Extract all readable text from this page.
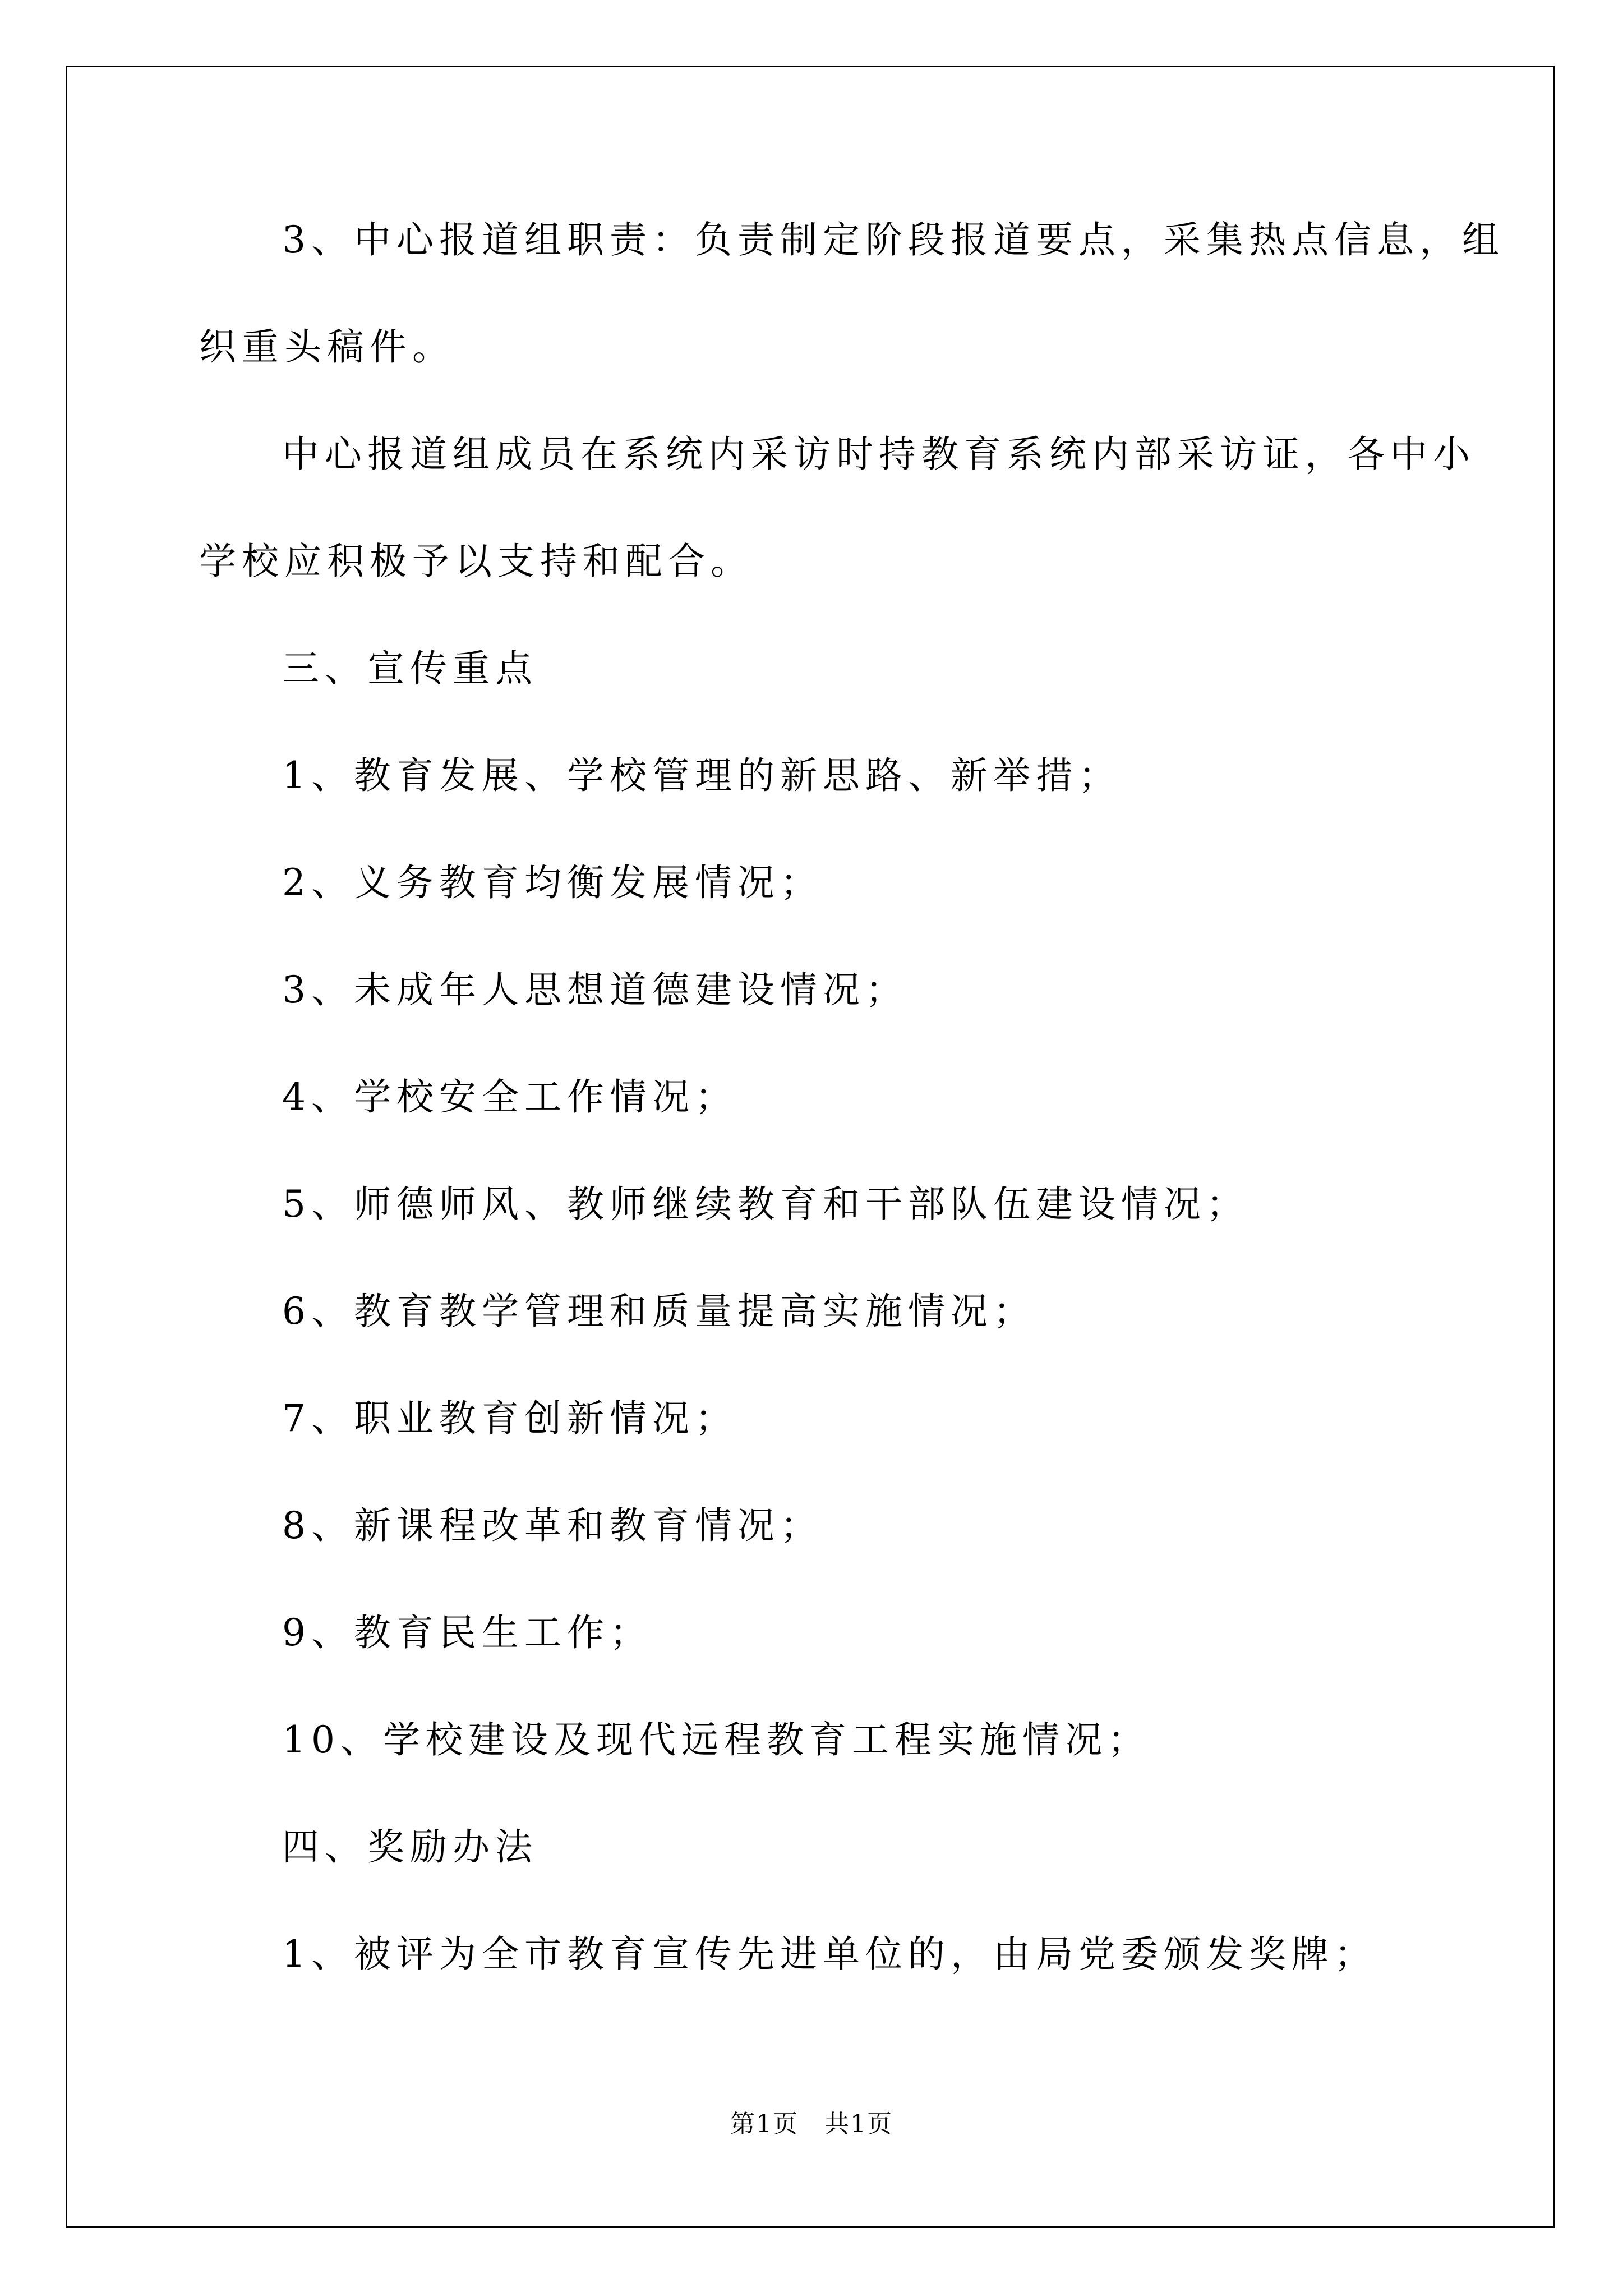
3、中心报道组职责：负责制定阶段报道要点，采集热点信息，组

织重头稿件。

中心报道组成员在系统内采访时持教育系统内部采访证，各中小

学校应积极予以支持和配合。

三、宣传重点

1、教育发展、学校管理的新思路、新举措；

2、义务教育均衡发展情况；

3、未成年人思想道德建设情况；

4、学校安全工作情况；

5、师德师风、教师继续教育和干部队伍建设情况；

6、教育教学管理和质量提高实施情况；

7、职业教育创新情况；

8、新课程改革和教育情况；

9、教育民生工作；

10、学校建设及现代远程教育工程实施情况；

四、奖励办法

1、被评为全市教育宣传先进单位的，由局党委颁发奖牌；

第1页　共1页
